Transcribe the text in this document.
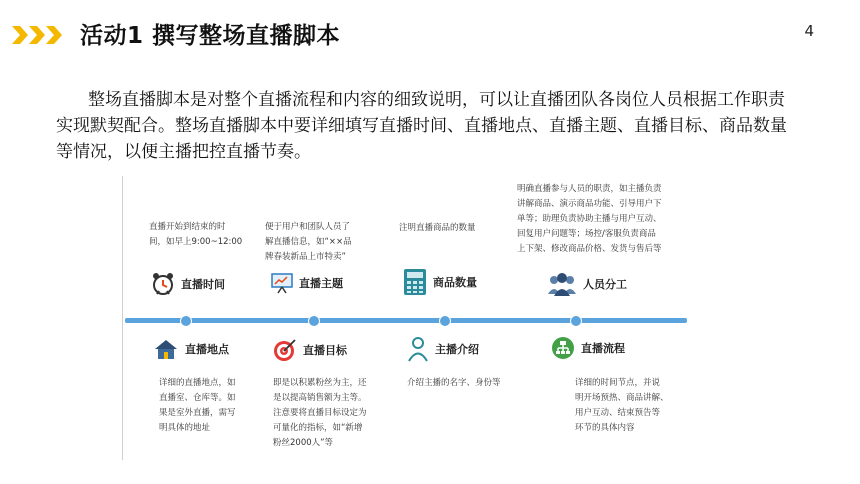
活动1 撰写整场直播脚本	4
整场直播脚本是对整个直播流程和内容的细致说明，可以让直播团队各岗位人员根据工作职责实现默契配合。整场直播脚本中要详细填写直播时间、直播地点、直播主题、直播目标、商品数量等情况，以便主播把控直播节奏。
直播开始到结束的时
间，如早上9:00~12:00
便于用户和团队人员了
解直播信息，如“××品
牌春装新品上市特卖”
注明直播商品的数量
明确直播参与人员的职责，如主播负责
讲解商品、演示商品功能、引导用户下
单等；助理负责协助主播与用户互动、
回复用户问题等；场控/客服负责商品
上下架、修改商品价格、发货与售后等
直播时间	直播主题	商品数量	人员分工
直播地点	直播目标	主播介绍	直播流程
详细的直播地点，如
直播室、仓库等。如
果是室外直播，需写
明具体的地址
即是以积累粉丝为主，还
是以提高销售额为主等。
注意要将直播目标设定为
可量化的指标，如“新增
粉丝2000人”等
介绍主播的名字、身份等	详细的时间节点，并说
明开场预热、商品讲解、
用户互动、结束预告等
环节的具体内容
